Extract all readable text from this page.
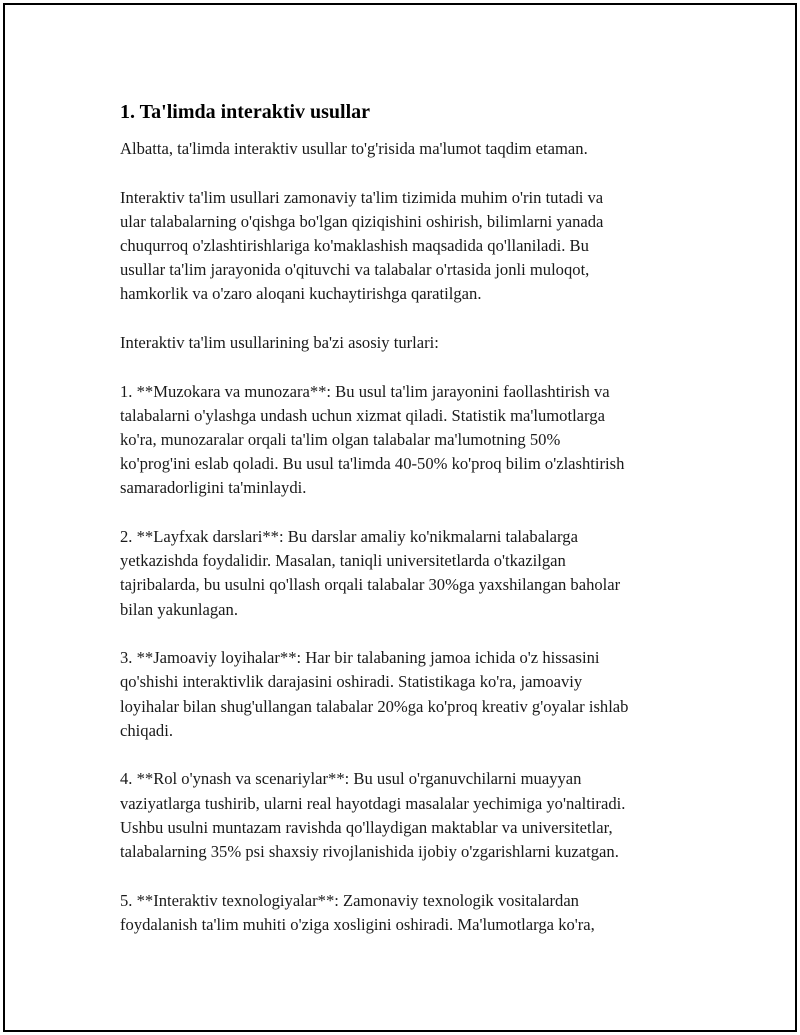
1. Ta'limda interaktiv usullar
Albatta, ta'limda interaktiv usullar to'g'risida ma'lumot taqdim etaman.
Interaktiv ta'lim usullari zamonaviy ta'lim tizimida muhim o'rin tutadi va
ular talabalarning o'qishga bo'lgan qiziqishini oshirish, bilimlarni yanada
chuqurroq o'zlashtirishlariga ko'maklashish maqsadida qo'llaniladi. Bu
usullar ta'lim jarayonida o'qituvchi va talabalar o'rtasida jonli muloqot,
hamkorlik va o'zaro aloqani kuchaytirishga qaratilgan.
Interaktiv ta'lim usullarining ba'zi asosiy turlari:
1. **Muzokara va munozara**: Bu usul ta'lim jarayonini faollashtirish va
talabalarni o'ylashga undash uchun xizmat qiladi. Statistik ma'lumotlarga
ko'ra, munozaralar orqali ta'lim olgan talabalar ma'lumotning 50%
ko'prog'ini eslab qoladi. Bu usul ta'limda 40-50% ko'proq bilim o'zlashtirish
samaradorligini ta'minlaydi.
2. **Layfxak darslari**: Bu darslar amaliy ko'nikmalarni talabalarga
yetkazishda foydalidir. Masalan, taniqli universitetlarda o'tkazilgan
tajribalarda, bu usulni qo'llash orqali talabalar 30%ga yaxshilangan baholar
bilan yakunlagan.
3. **Jamoaviy loyihalar**: Har bir talabaning jamoa ichida o'z hissasini
qo'shishi interaktivlik darajasini oshiradi. Statistikaga ko'ra, jamoaviy
loyihalar bilan shug'ullangan talabalar 20%ga ko'proq kreativ g'oyalar ishlab
chiqadi.
4. **Rol o'ynash va scenariylar**: Bu usul o'rganuvchilarni muayyan
vaziyatlarga tushirib, ularni real hayotdagi masalalar yechimiga yo'naltiradi.
Ushbu usulni muntazam ravishda qo'llaydigan maktablar va universitetlar,
talabalarning 35% psi shaxsiy rivojlanishida ijobiy o'zgarishlarni kuzatgan.
5. **Interaktiv texnologiyalar**: Zamonaviy texnologik vositalardan
foydalanish ta'lim muhiti o'ziga xosligini oshiradi. Ma'lumotlarga ko'ra,
